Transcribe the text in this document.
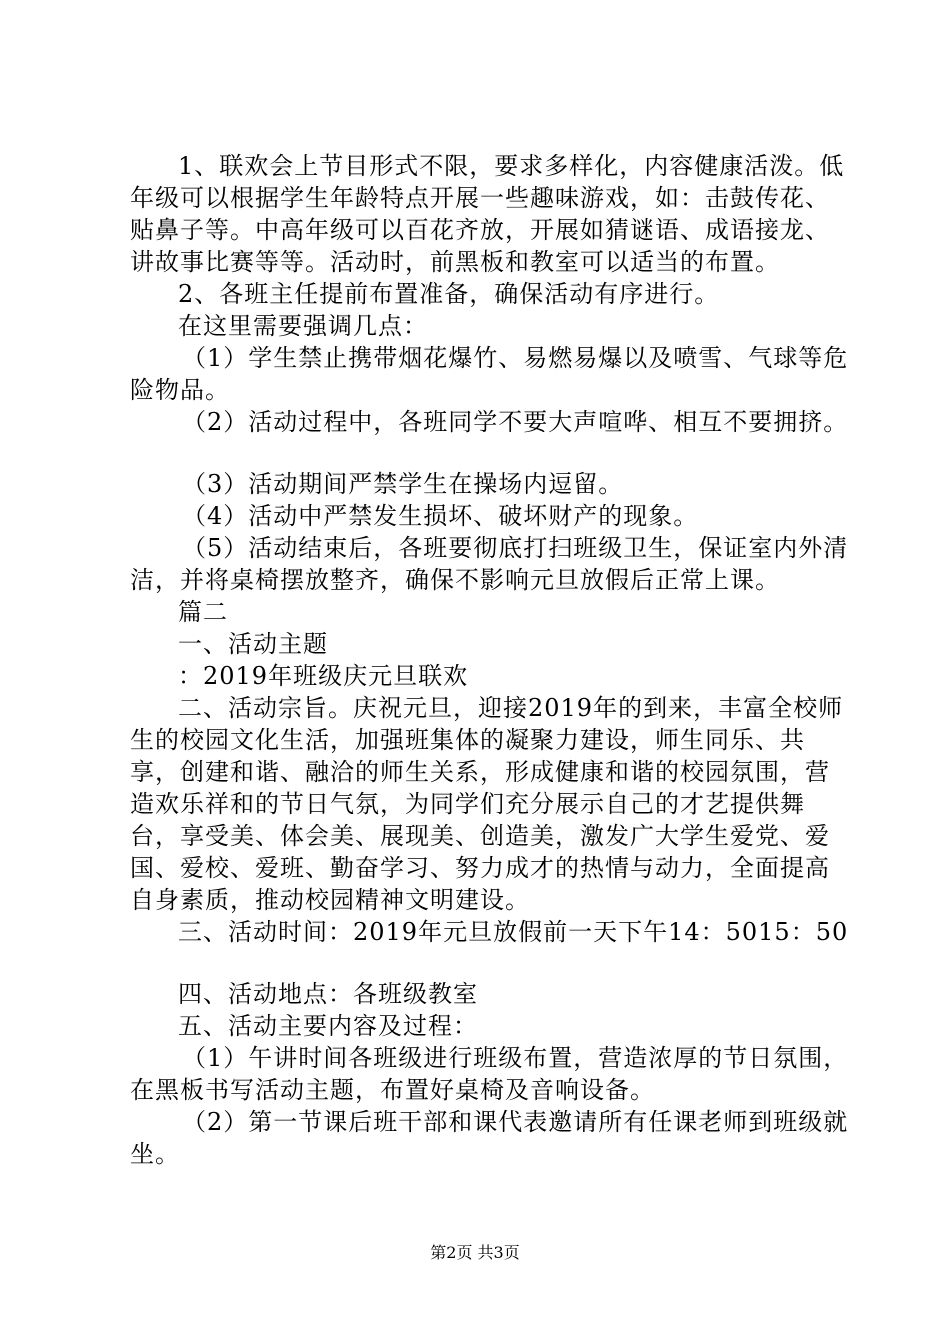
1、联欢会上节目形式不限，要求多样化，内容健康活泼。低年级可以根据学生年龄特点开展一些趣味游戏，如：击鼓传花、贴鼻子等。中高年级可以百花齐放，开展如猜谜语、成语接龙、讲故事比赛等等。活动时，前黑板和教室可以适当的布置。

2、各班主任提前布置准备，确保活动有序进行。

在这里需要强调几点：

（1）学生禁止携带烟花爆竹、易燃易爆以及喷雪、气球等危险物品。

（2）活动过程中，各班同学不要大声喧哗、相互不要拥挤。

（3）活动期间严禁学生在操场内逗留。

（4）活动中严禁发生损坏、破坏财产的现象。

（5）活动结束后，各班要彻底打扫班级卫生，保证室内外清洁，并将桌椅摆放整齐，确保不影响元旦放假后正常上课。

篇二

一、活动主题

：2019年班级庆元旦联欢

二、活动宗旨。庆祝元旦，迎接2019年的到来，丰富全校师生的校园文化生活，加强班集体的凝聚力建设，师生同乐、共享，创建和谐、融洽的师生关系，形成健康和谐的校园氛围，营造欢乐祥和的节日气氛，为同学们充分展示自己的才艺提供舞台，享受美、体会美、展现美、创造美，激发广大学生爱党、爱国、爱校、爱班、勤奋学习、努力成才的热情与动力，全面提高自身素质，推动校园精神文明建设。

三、活动时间：2019年元旦放假前一天下午14：5015：50

四、活动地点：各班级教室

五、活动主要内容及过程：

（1）午讲时间各班级进行班级布置，营造浓厚的节日氛围，在黑板书写活动主题，布置好桌椅及音响设备。

（2）第一节课后班干部和课代表邀请所有任课老师到班级就坐。

第2页 共3页
